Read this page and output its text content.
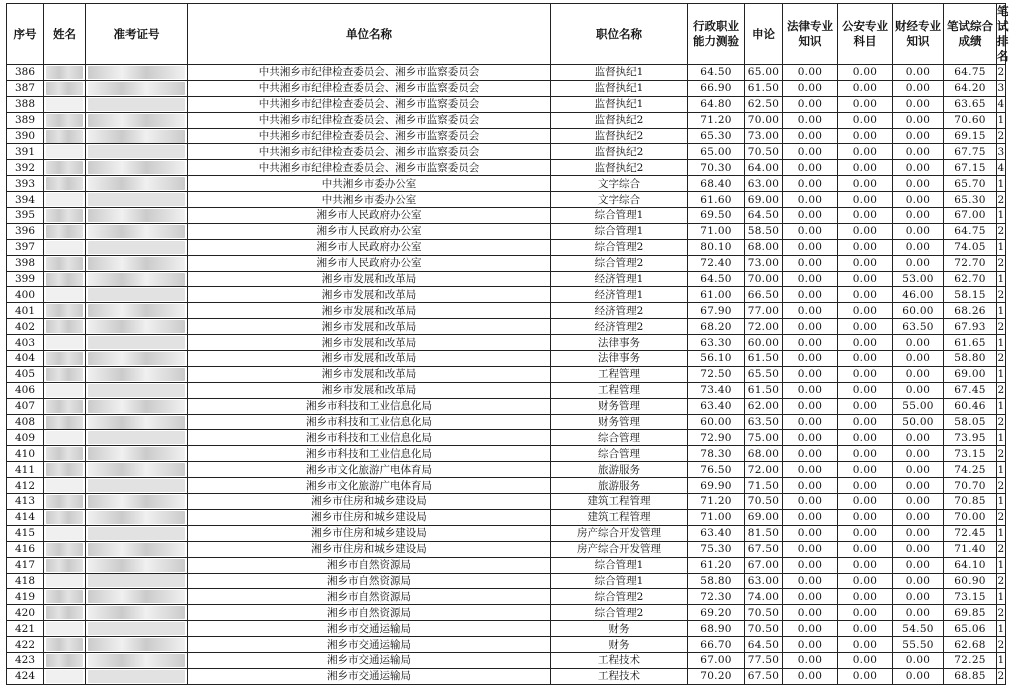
序号	姓名	准考证号	单位名称	职位名称	行政职业能力测验	申论	法律专业知识	公安专业科目	财经专业知识	笔试综合成绩	笔试排名
386			中共湘乡市纪律检查委员会、湘乡市监察委员会	监督执纪1	64.50	65.00	0.00	0.00	0.00	64.75	2
387			中共湘乡市纪律检查委员会、湘乡市监察委员会	监督执纪1	66.90	61.50	0.00	0.00	0.00	64.20	3
388			中共湘乡市纪律检查委员会、湘乡市监察委员会	监督执纪1	64.80	62.50	0.00	0.00	0.00	63.65	4
389			中共湘乡市纪律检查委员会、湘乡市监察委员会	监督执纪2	71.20	70.00	0.00	0.00	0.00	70.60	1
390			中共湘乡市纪律检查委员会、湘乡市监察委员会	监督执纪2	65.30	73.00	0.00	0.00	0.00	69.15	2
391			中共湘乡市纪律检查委员会、湘乡市监察委员会	监督执纪2	65.00	70.50	0.00	0.00	0.00	67.75	3
392			中共湘乡市纪律检查委员会、湘乡市监察委员会	监督执纪2	70.30	64.00	0.00	0.00	0.00	67.15	4
393			中共湘乡市委办公室	文字综合	68.40	63.00	0.00	0.00	0.00	65.70	1
394			中共湘乡市委办公室	文字综合	61.60	69.00	0.00	0.00	0.00	65.30	2
395			湘乡市人民政府办公室	综合管理1	69.50	64.50	0.00	0.00	0.00	67.00	1
396			湘乡市人民政府办公室	综合管理1	71.00	58.50	0.00	0.00	0.00	64.75	2
397			湘乡市人民政府办公室	综合管理2	80.10	68.00	0.00	0.00	0.00	74.05	1
398			湘乡市人民政府办公室	综合管理2	72.40	73.00	0.00	0.00	0.00	72.70	2
399			湘乡市发展和改革局	经济管理1	64.50	70.00	0.00	0.00	53.00	62.70	1
400			湘乡市发展和改革局	经济管理1	61.00	66.50	0.00	0.00	46.00	58.15	2
401			湘乡市发展和改革局	经济管理2	67.90	77.00	0.00	0.00	60.00	68.26	1
402			湘乡市发展和改革局	经济管理2	68.20	72.00	0.00	0.00	63.50	67.93	2
403			湘乡市发展和改革局	法律事务	63.30	60.00	0.00	0.00	0.00	61.65	1
404			湘乡市发展和改革局	法律事务	56.10	61.50	0.00	0.00	0.00	58.80	2
405			湘乡市发展和改革局	工程管理	72.50	65.50	0.00	0.00	0.00	69.00	1
406			湘乡市发展和改革局	工程管理	73.40	61.50	0.00	0.00	0.00	67.45	2
407			湘乡市科技和工业信息化局	财务管理	63.40	62.00	0.00	0.00	55.00	60.46	1
408			湘乡市科技和工业信息化局	财务管理	60.00	63.50	0.00	0.00	50.00	58.05	2
409			湘乡市科技和工业信息化局	综合管理	72.90	75.00	0.00	0.00	0.00	73.95	1
410			湘乡市科技和工业信息化局	综合管理	78.30	68.00	0.00	0.00	0.00	73.15	2
411			湘乡市文化旅游广电体育局	旅游服务	76.50	72.00	0.00	0.00	0.00	74.25	1
412			湘乡市文化旅游广电体育局	旅游服务	69.90	71.50	0.00	0.00	0.00	70.70	2
413			湘乡市住房和城乡建设局	建筑工程管理	71.20	70.50	0.00	0.00	0.00	70.85	1
414			湘乡市住房和城乡建设局	建筑工程管理	71.00	69.00	0.00	0.00	0.00	70.00	2
415			湘乡市住房和城乡建设局	房产综合开发管理	63.40	81.50	0.00	0.00	0.00	72.45	1
416			湘乡市住房和城乡建设局	房产综合开发管理	75.30	67.50	0.00	0.00	0.00	71.40	2
417			湘乡市自然资源局	综合管理1	61.20	67.00	0.00	0.00	0.00	64.10	1
418			湘乡市自然资源局	综合管理1	58.80	63.00	0.00	0.00	0.00	60.90	2
419			湘乡市自然资源局	综合管理2	72.30	74.00	0.00	0.00	0.00	73.15	1
420			湘乡市自然资源局	综合管理2	69.20	70.50	0.00	0.00	0.00	69.85	2
421			湘乡市交通运输局	财务	68.90	70.50	0.00	0.00	54.50	65.06	1
422			湘乡市交通运输局	财务	66.70	64.50	0.00	0.00	55.50	62.68	2
423			湘乡市交通运输局	工程技术	67.00	77.50	0.00	0.00	0.00	72.25	1
424			湘乡市交通运输局	工程技术	70.20	67.50	0.00	0.00	0.00	68.85	2
